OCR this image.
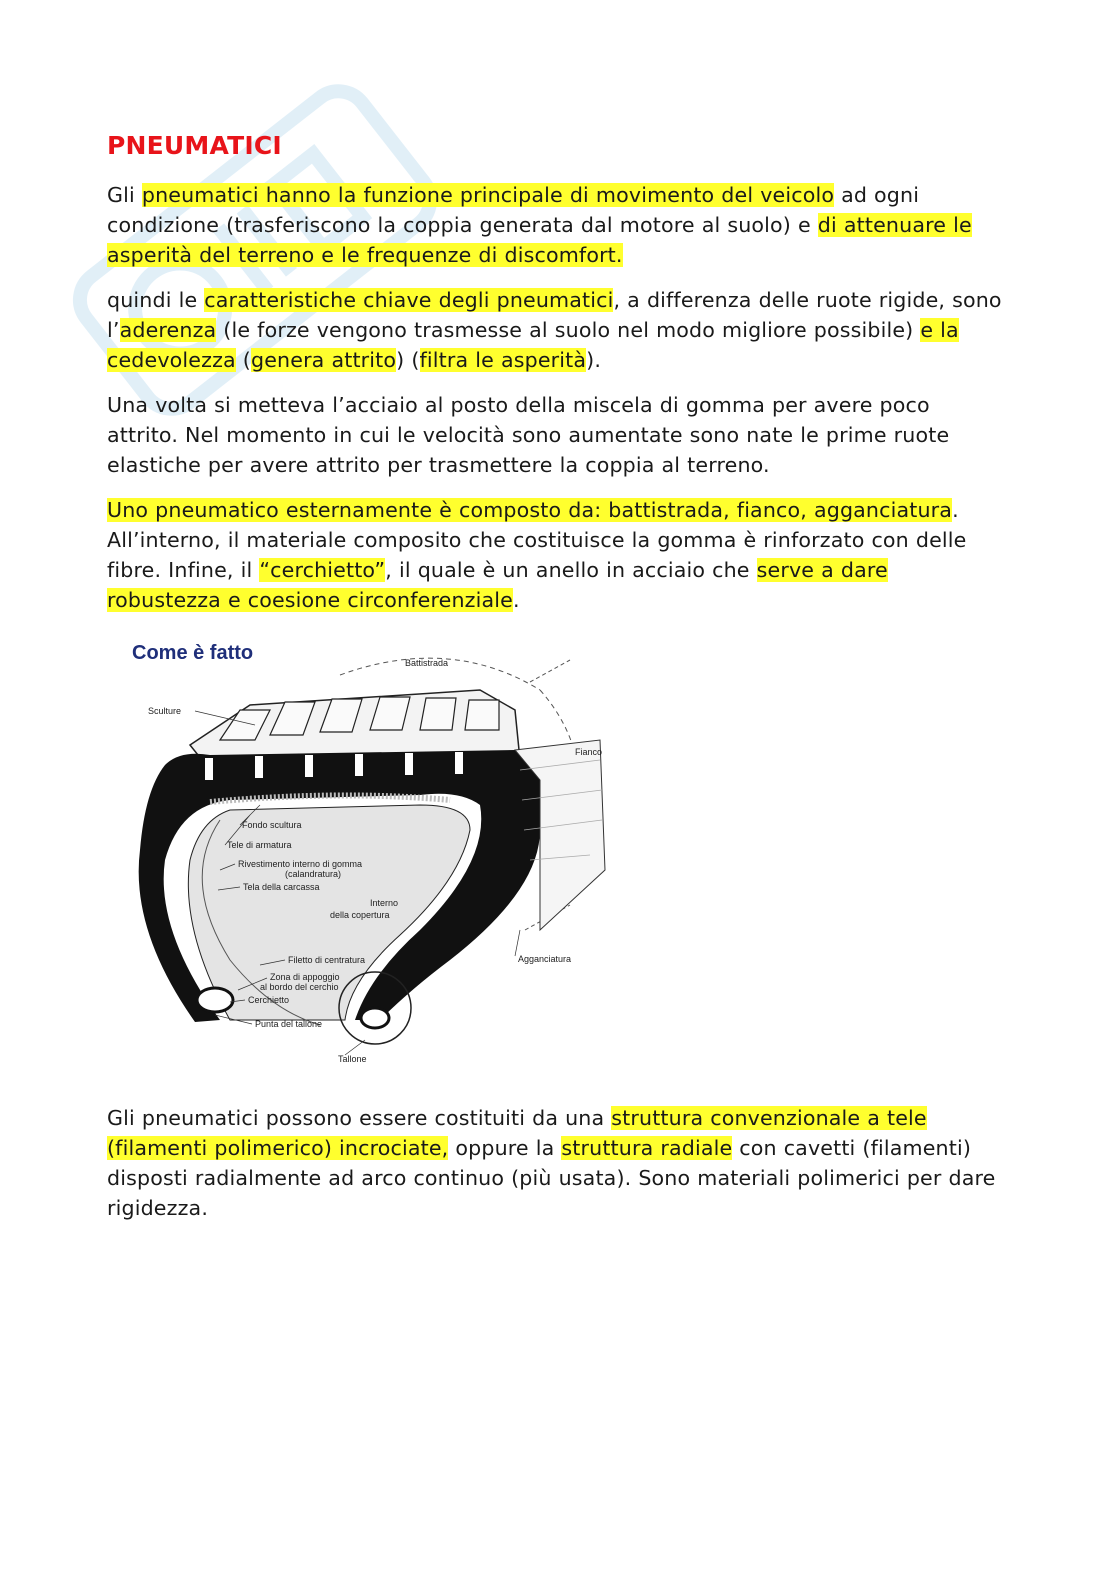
PNEUMATICI

Gli pneumatici hanno la funzione principale di movimento del veicolo ad ogni condizione (trasferiscono la coppia generata dal motore al suolo) e di attenuare le asperità del terreno e le frequenze di discomfort.

quindi le caratteristiche chiave degli pneumatici, a differenza delle ruote rigide, sono l’aderenza (le forze vengono trasmesse al suolo nel modo migliore possibile) e la cedevolezza (genera attrito) (filtra le asperità).

Una volta si metteva l’acciaio al posto della miscela di gomma per avere poco attrito. Nel momento in cui le velocità sono aumentate sono nate le prime ruote elastiche per avere attrito per trasmettere la coppia al terreno.

Uno pneumatico esternamente è composto da: battistrada, fianco, agganciatura. All’interno, il materiale composito che costituisce la gomma è rinforzato con delle fibre. Infine, il “cerchietto”, il quale è un anello in acciaio che serve a dare robustezza e coesione circonferenziale.

Come è fatto	Battistrada
Sculture
Fianco
Fondo scultura
Tele di armatura
Rivestimento interno di gomma
(calandratura)
Tela della carcassa
Interno
della copertura
Agganciatura
Filetto di centratura
Zona di appoggio
al bordo del cerchio
Cerchietto
Punta del tallone
Tallone

Gli pneumatici possono essere costituiti da una struttura convenzionale a tele (filamenti polimerico) incrociate, oppure la struttura radiale con cavetti (filamenti) disposti radialmente ad arco continuo (più usata). Sono materiali polimerici per dare rigidezza.
